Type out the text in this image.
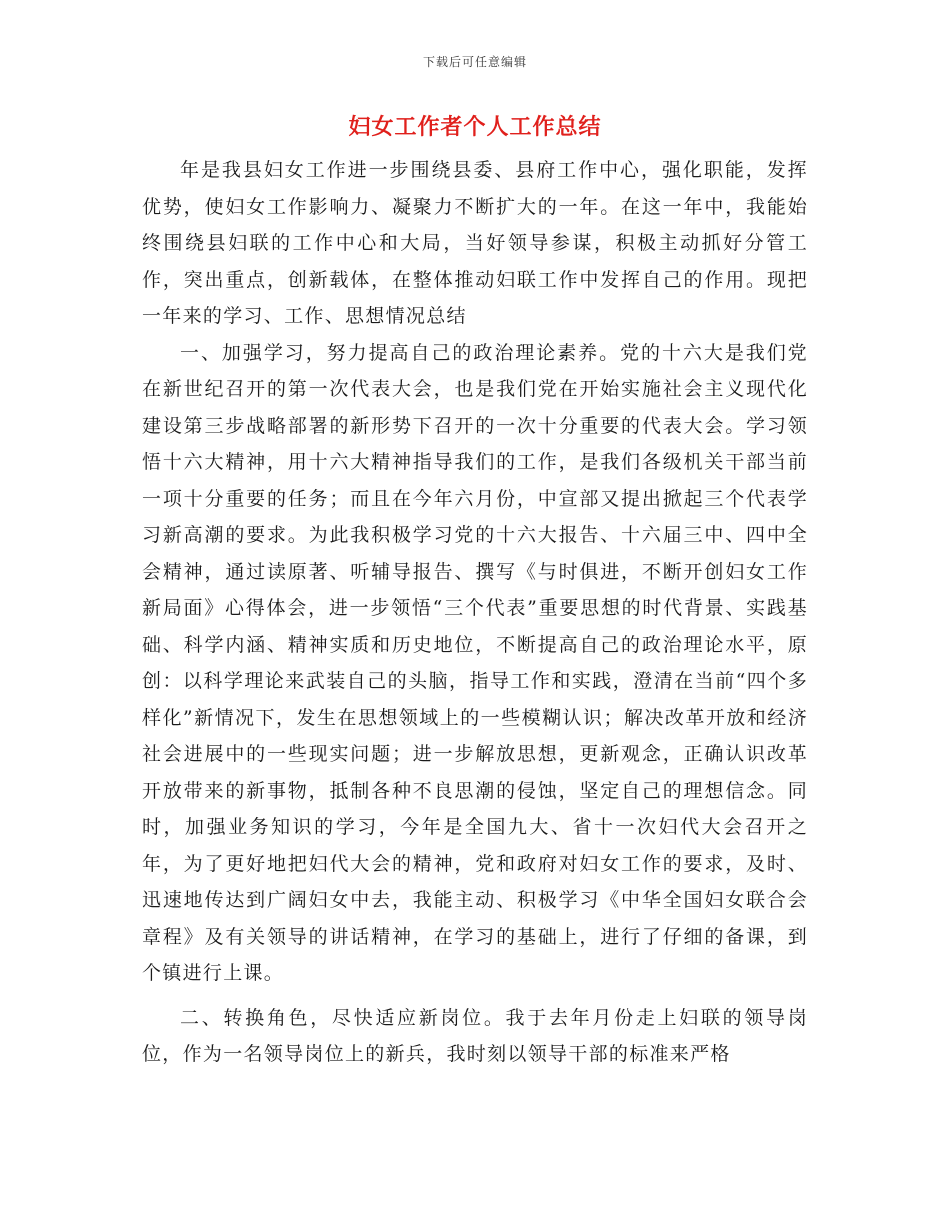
下载后可任意编辑
妇女工作者个人工作总结

年是我县妇女工作进一步围绕县委、县府工作中心，强化职能，发挥优势，使妇女工作影响力、凝聚力不断扩大的一年。在这一年中，我能始终围绕县妇联的工作中心和大局，当好领导参谋，积极主动抓好分管工作，突出重点，创新载体，在整体推动妇联工作中发挥自己的作用。现把一年来的学习、工作、思想情况总结

一、加强学习，努力提高自己的政治理论素养。党的十六大是我们党在新世纪召开的第一次代表大会，也是我们党在开始实施社会主义现代化建设第三步战略部署的新形势下召开的一次十分重要的代表大会。学习领悟十六大精神，用十六大精神指导我们的工作，是我们各级机关干部当前一项十分重要的任务；而且在今年六月份，中宣部又提出掀起三个代表学习新高潮的要求。为此我积极学习党的十六大报告、十六届三中、四中全会精神，通过读原著、听辅导报告、撰写《与时俱进，不断开创妇女工作新局面》心得体会，进一步领悟“三个代表”重要思想的时代背景、实践基础、科学内涵、精神实质和历史地位，不断提高自己的政治理论水平，原创：以科学理论来武装自己的头脑，指导工作和实践，澄清在当前“四个多样化”新情况下，发生在思想领域上的一些模糊认识；解决改革开放和经济社会进展中的一些现实问题；进一步解放思想，更新观念，正确认识改革开放带来的新事物，抵制各种不良思潮的侵蚀，坚定自己的理想信念。同时，加强业务知识的学习，今年是全国九大、省十一次妇代大会召开之年，为了更好地把妇代大会的精神，党和政府对妇女工作的要求，及时、迅速地传达到广阔妇女中去，我能主动、积极学习《中华全国妇女联合会章程》及有关领导的讲话精神，在学习的基础上，进行了仔细的备课，到个镇进行上课。

二、转换角色，尽快适应新岗位。我于去年月份走上妇联的领导岗位，作为一名领导岗位上的新兵，我时刻以领导干部的标准来严格
